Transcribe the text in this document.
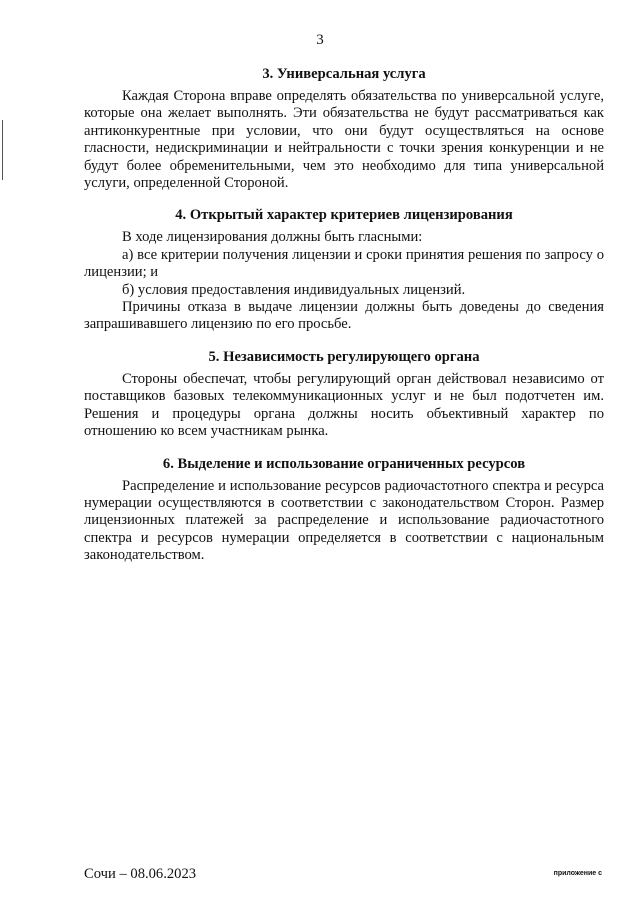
3
3. Универсальная услуга

Каждая Сторона вправе определять обязательства по универсальной услуге, которые она желает выполнять. Эти обязательства не будут рассматриваться как антиконкурентные при условии, что они будут осуществляться на основе гласности, недискриминации и нейтральности с точки зрения конкуренции и не будут более обременительными, чем это необходимо для типа универсальной услуги, определенной Стороной.

4. Открытый характер критериев лицензирования

В ходе лицензирования должны быть гласными:

а) все критерии получения лицензии и сроки принятия решения по запросу о лицензии; и

б) условия предоставления индивидуальных лицензий.

Причины отказа в выдаче лицензии должны быть доведены до сведения запрашивавшего лицензию по его просьбе.

5. Независимость регулирующего органа

Стороны обеспечат, чтобы регулирующий орган действовал независимо от поставщиков базовых телекоммуникационных услуг и не был подотчетен им. Решения и процедуры органа должны носить объективный характер по отношению ко всем участникам рынка.

6. Выделение и использование ограниченных ресурсов

Распределение и использование ресурсов радиочастотного спектра и ресурса нумерации осуществляются в соответствии с законодательством Сторон. Размер лицензионных платежей за распределение и использование радиочастотного спектра и ресурсов нумерации определяется в соответствии с национальным законодательством.

Сочи – 08.06.2023	приложение с
